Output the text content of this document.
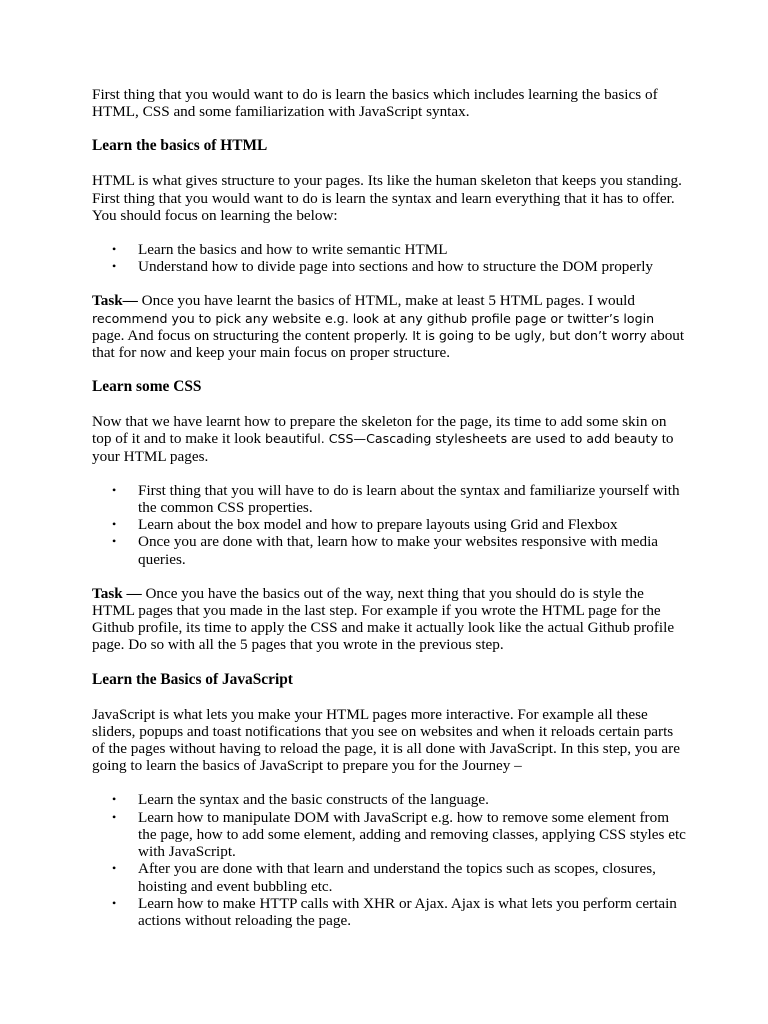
First thing that you would want to do is learn the basics which includes learning the basics of HTML, CSS and some familiarization with JavaScript syntax.

Learn the basics of HTML

HTML is what gives structure to your pages. Its like the human skeleton that keeps you standing. First thing that you would want to do is learn the syntax and learn everything that it has to offer. You should focus on learning the below:

• Learn the basics and how to write semantic HTML
• Understand how to divide page into sections and how to structure the DOM properly

Task— Once you have learnt the basics of HTML, make at least 5 HTML pages. I would recommend you to pick any website e.g. look at any github profile page or twitter’s login page. And focus on structuring the content properly. It is going to be ugly, but don’t worry about that for now and keep your main focus on proper structure.

Learn some CSS

Now that we have learnt how to prepare the skeleton for the page, its time to add some skin on top of it and to make it look beautiful. CSS—Cascading stylesheets are used to add beauty to your HTML pages.

• First thing that you will have to do is learn about the syntax and familiarize yourself with the common CSS properties.
• Learn about the box model and how to prepare layouts using Grid and Flexbox
• Once you are done with that, learn how to make your websites responsive with media queries.

Task — Once you have the basics out of the way, next thing that you should do is style the HTML pages that you made in the last step. For example if you wrote the HTML page for the Github profile, its time to apply the CSS and make it actually look like the actual Github profile page. Do so with all the 5 pages that you wrote in the previous step.

Learn the Basics of JavaScript

JavaScript is what lets you make your HTML pages more interactive. For example all these sliders, popups and toast notifications that you see on websites and when it reloads certain parts of the pages without having to reload the page, it is all done with JavaScript. In this step, you are going to learn the basics of JavaScript to prepare you for the Journey –

• Learn the syntax and the basic constructs of the language.
• Learn how to manipulate DOM with JavaScript e.g. how to remove some element from the page, how to add some element, adding and removing classes, applying CSS styles etc with JavaScript.
• After you are done with that learn and understand the topics such as scopes, closures, hoisting and event bubbling etc.
• Learn how to make HTTP calls with XHR or Ajax. Ajax is what lets you perform certain actions without reloading the page.
